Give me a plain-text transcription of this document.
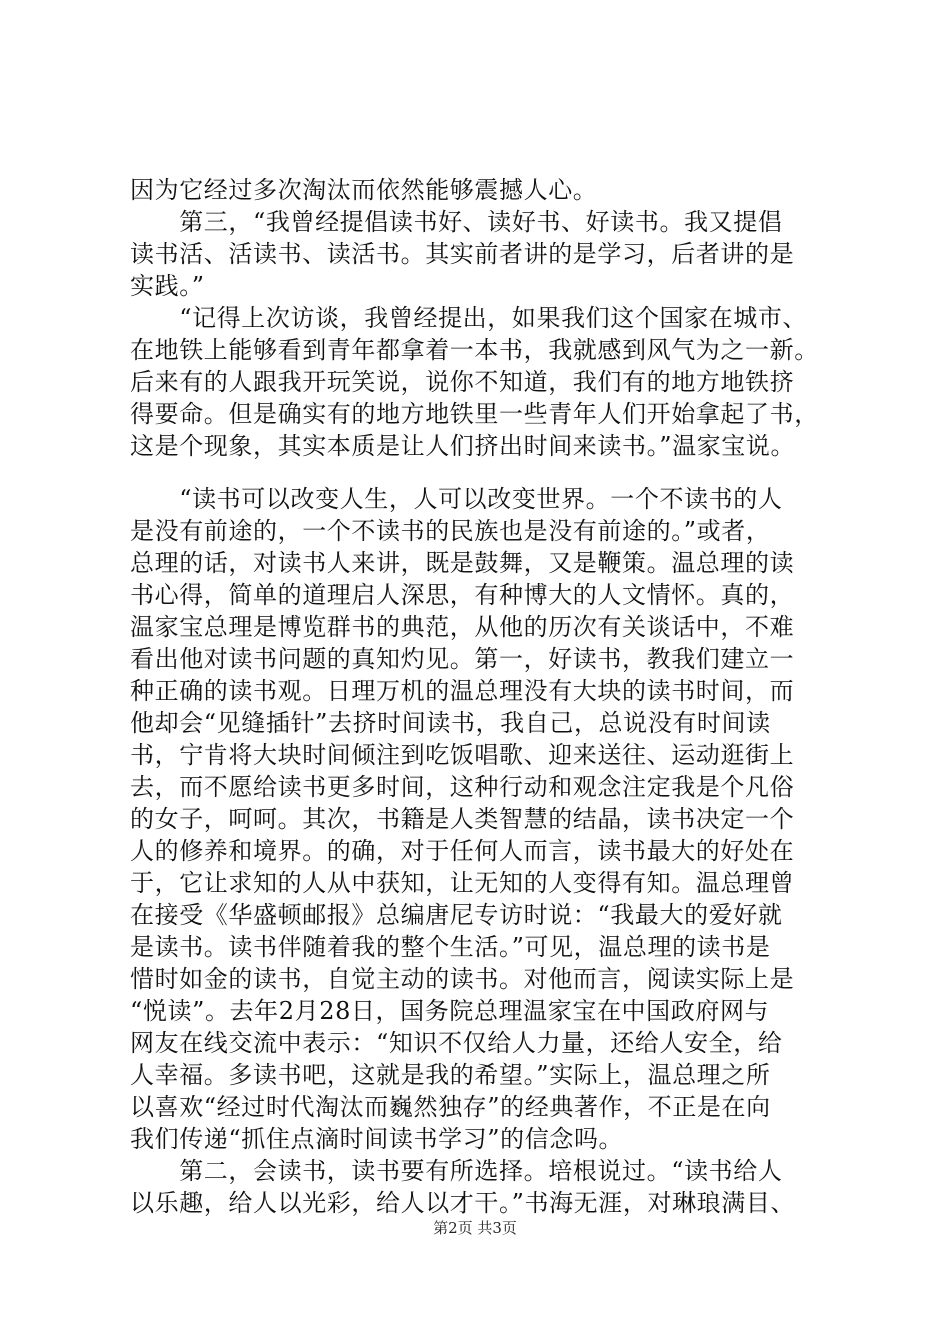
因为它经过多次淘汰而依然能够震撼人心。
　　第三，“我曾经提倡读书好、读好书、好读书。我又提倡
读书活、活读书、读活书。其实前者讲的是学习，后者讲的是
实践。”
　　“记得上次访谈，我曾经提出，如果我们这个国家在城市、
在地铁上能够看到青年都拿着一本书，我就感到风气为之一新。
后来有的人跟我开玩笑说，说你不知道，我们有的地方地铁挤
得要命。但是确实有的地方地铁里一些青年人们开始拿起了书，
这是个现象，其实本质是让人们挤出时间来读书。”温家宝说。
　　“读书可以改变人生，人可以改变世界。一个不读书的人
是没有前途的，一个不读书的民族也是没有前途的。”或者，
总理的话，对读书人来讲，既是鼓舞，又是鞭策。温总理的读
书心得，简单的道理启人深思，有种博大的人文情怀。真的，
温家宝总理是博览群书的典范，从他的历次有关谈话中，不难
看出他对读书问题的真知灼见。第一，好读书，教我们建立一
种正确的读书观。日理万机的温总理没有大块的读书时间，而
他却会“见缝插针”去挤时间读书，我自己，总说没有时间读
书，宁肯将大块时间倾注到吃饭唱歌、迎来送往、运动逛街上
去，而不愿给读书更多时间，这种行动和观念注定我是个凡俗
的女子，呵呵。其次，书籍是人类智慧的结晶，读书决定一个
人的修养和境界。的确，对于任何人而言，读书最大的好处在
于，它让求知的人从中获知，让无知的人变得有知。温总理曾
在接受《华盛顿邮报》总编唐尼专访时说：“我最大的爱好就
是读书。读书伴随着我的整个生活。”可见，温总理的读书是
惜时如金的读书，自觉主动的读书。对他而言，阅读实际上是
“悦读”。去年2月28日，国务院总理温家宝在中国政府网与
网友在线交流中表示：“知识不仅给人力量，还给人安全，给
人幸福。多读书吧，这就是我的希望。”实际上，温总理之所
以喜欢“经过时代淘汰而巍然独存”的经典著作，不正是在向
我们传递“抓住点滴时间读书学习”的信念吗。
　　第二，会读书，读书要有所选择。培根说过。“读书给人
以乐趣，给人以光彩，给人以才干。”书海无涯，对琳琅满目、
第2页 共3页
